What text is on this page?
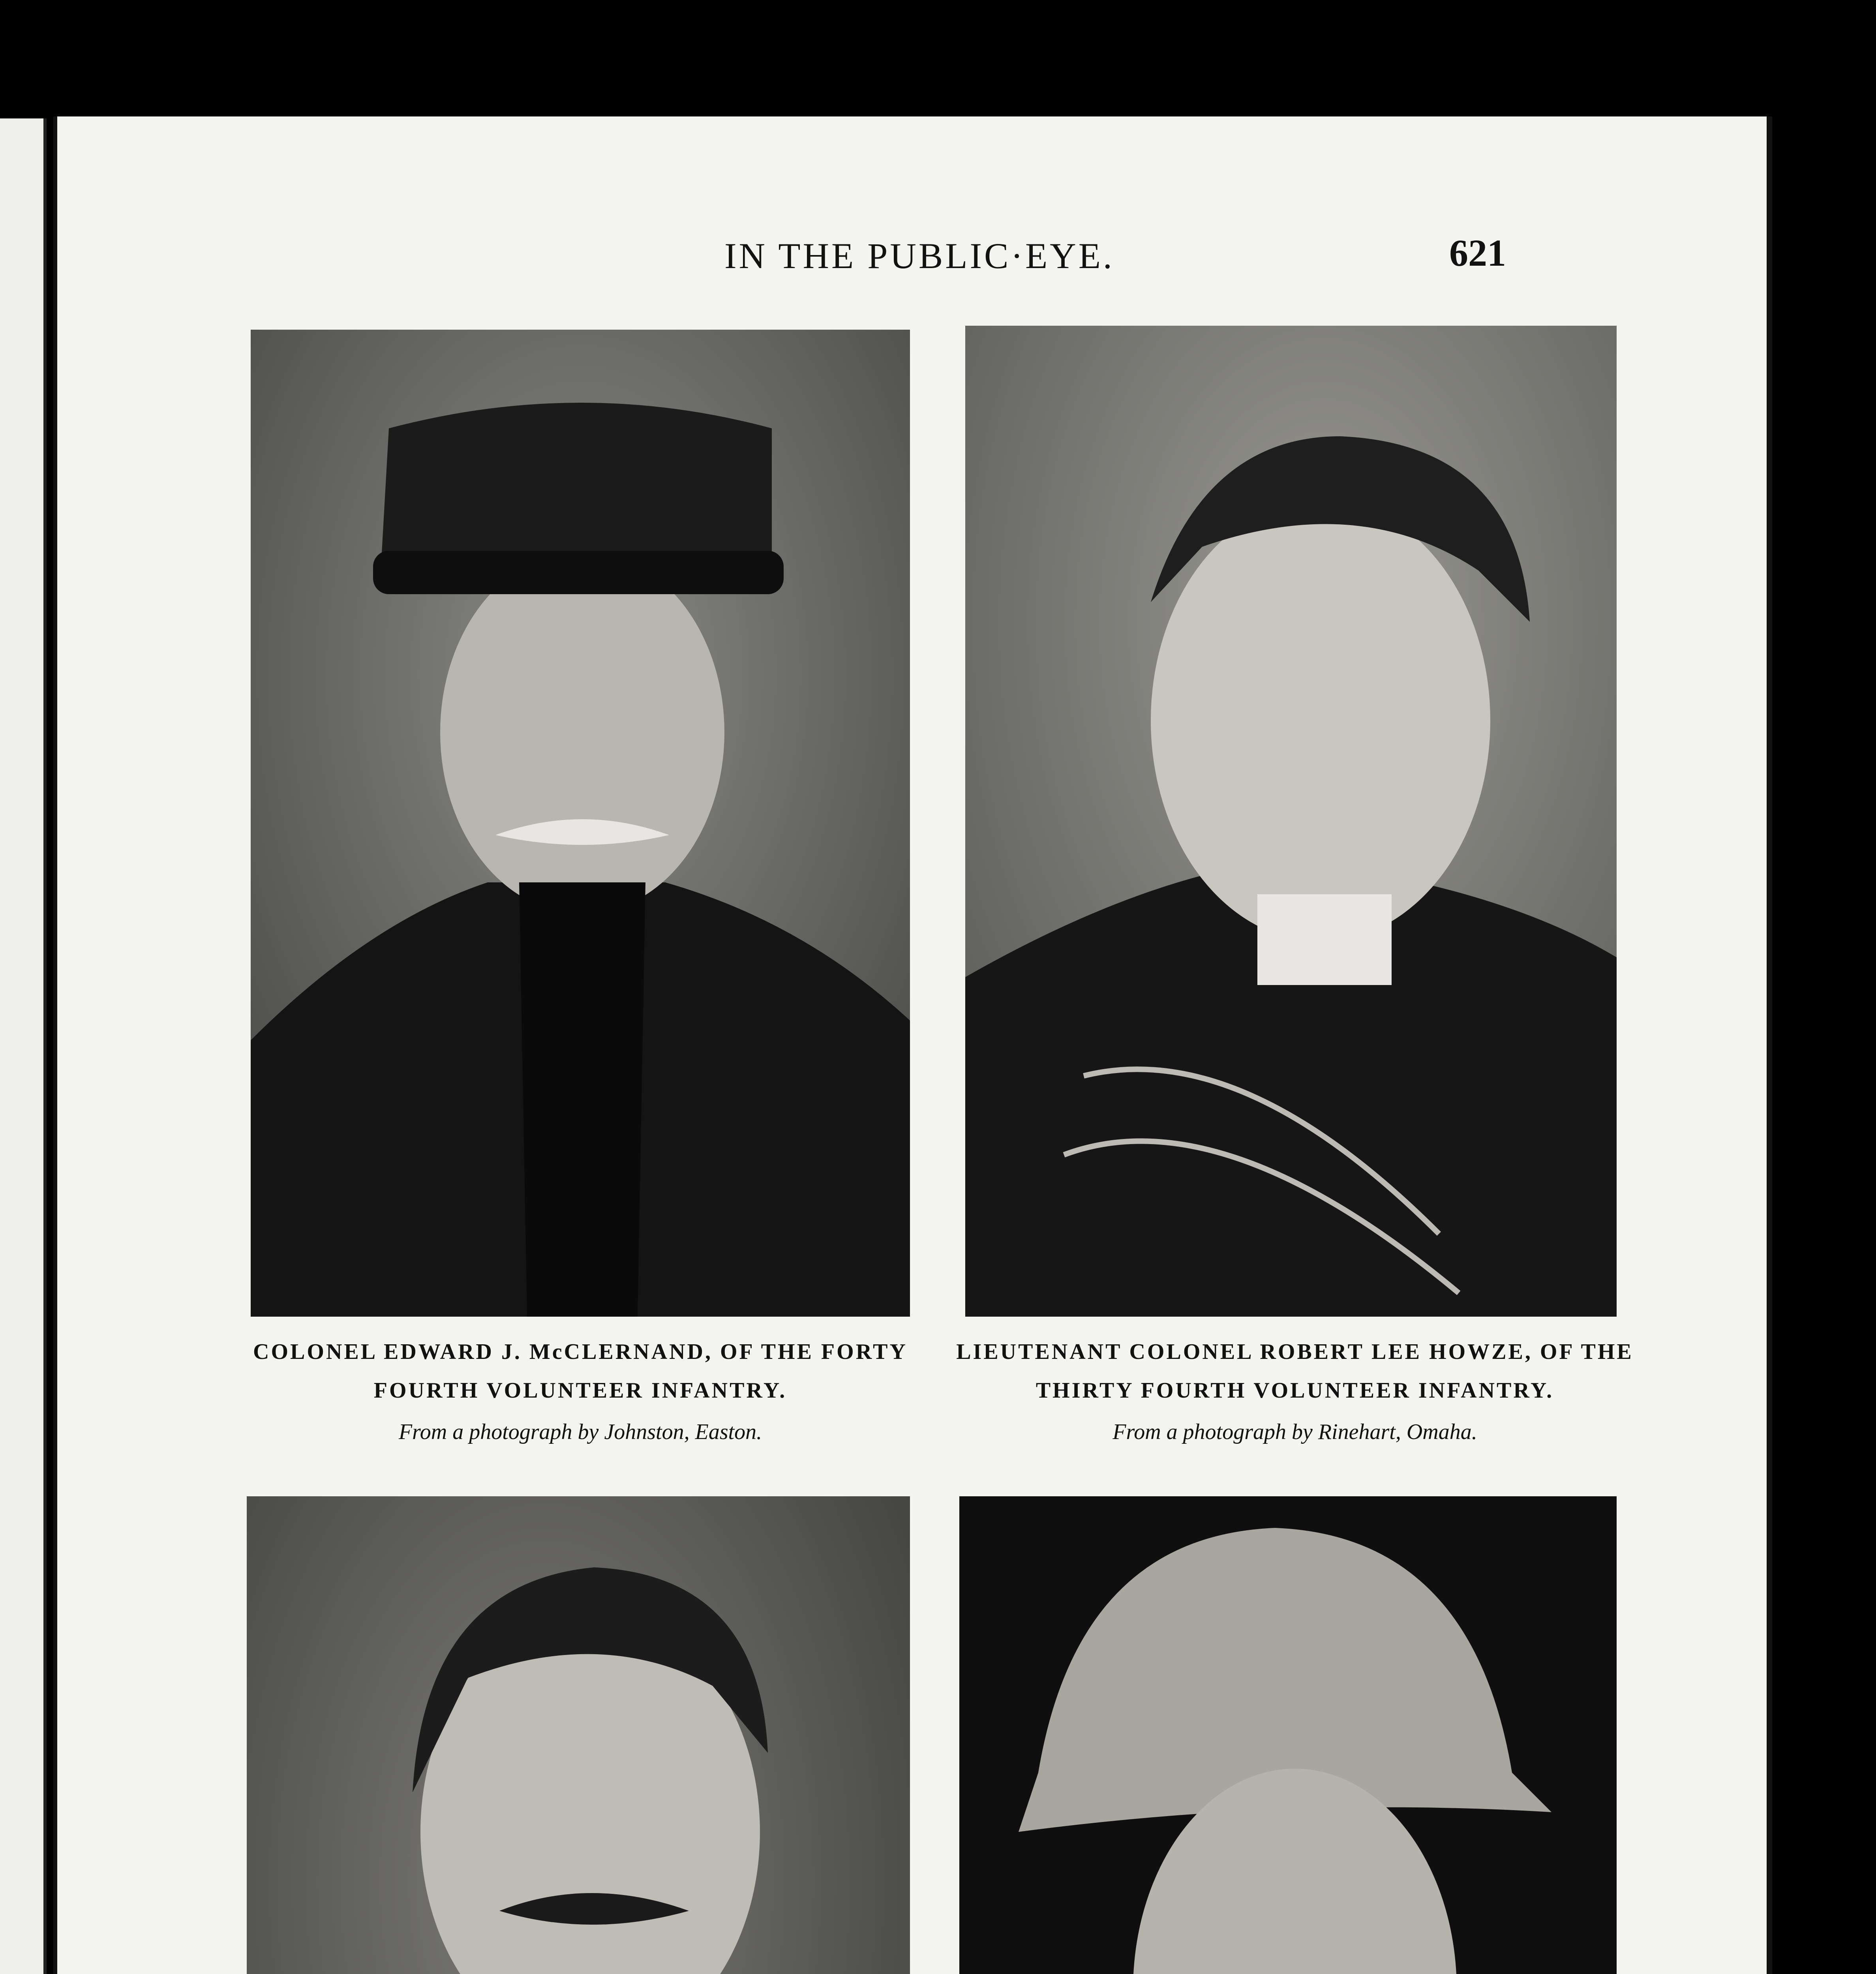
IN THE PUBLIC·EYE.	621
COLONEL EDWARD J. McCLERNAND, OF THE FORTY FOURTH VOLUNTEER INFANTRY.
From a photograph by Johnston, Easton.
LIEUTENANT COLONEL ROBERT LEE HOWZE, OF THE THIRTY FOURTH VOLUNTEER INFANTRY.
From a photograph by Rinehart, Omaha.
